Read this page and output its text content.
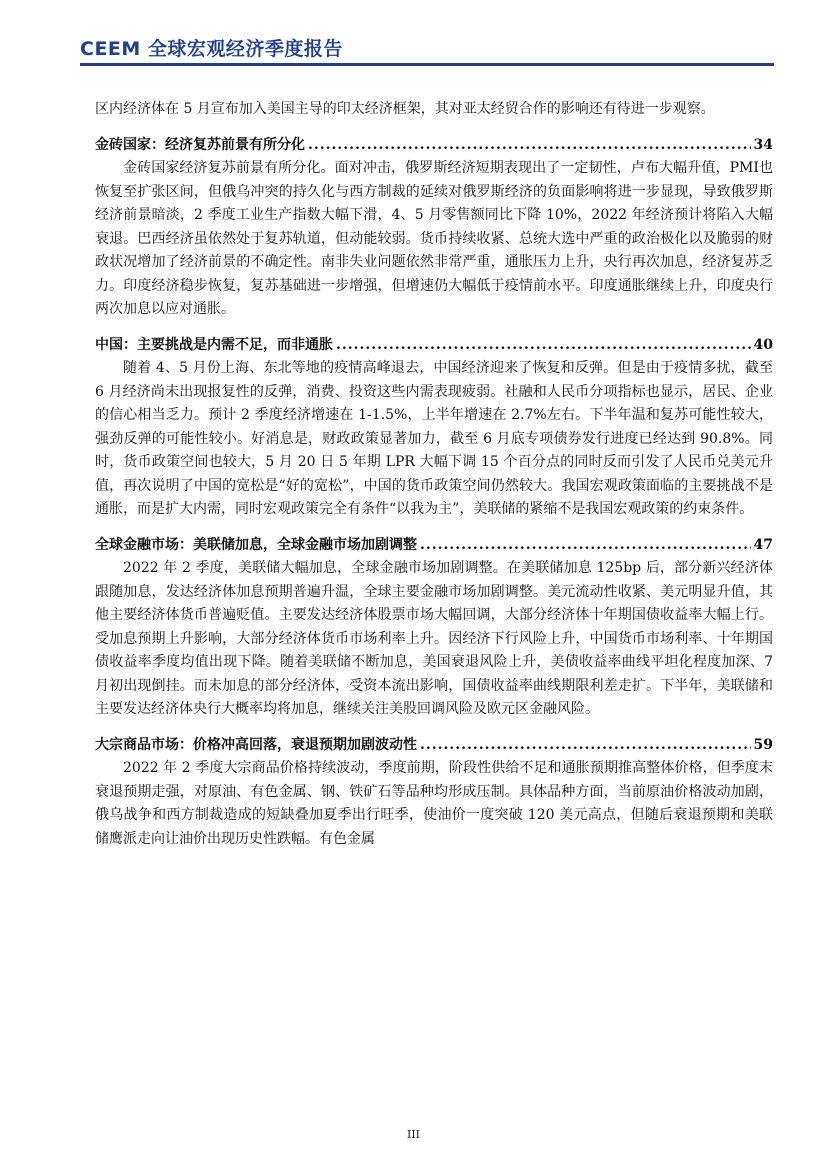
CEEM 全球宏观经济季度报告

区内经济体在 5 月宣布加入美国主导的印太经济框架，其对亚太经贸合作的影响还有待进一步观察。

金砖国家：经济复苏前景有所分化 .....	34

金砖国家经济复苏前景有所分化。面对冲击，俄罗斯经济短期表现出了一定韧性，卢布大幅升值，PMI也恢复至扩张区间，但俄乌冲突的持久化与西方制裁的延续对俄罗斯经济的负面影响将进一步显现，导致俄罗斯经济前景暗淡，2 季度工业生产指数大幅下滑，4、5 月零售额同比下降 10%，2022 年经济预计将陷入大幅衰退。巴西经济虽依然处于复苏轨道，但动能较弱。货币持续收紧、总统大选中严重的政治极化以及脆弱的财政状况增加了经济前景的不确定性。南非失业问题依然非常严重，通胀压力上升，央行再次加息，经济复苏乏力。印度经济稳步恢复，复苏基础进一步增强，但增速仍大幅低于疫情前水平。印度通胀继续上升，印度央行两次加息以应对通胀。

中国：主要挑战是内需不足，而非通胀 .....	40

随着 4、5 月份上海、东北等地的疫情高峰退去，中国经济迎来了恢复和反弹。但是由于疫情多扰，截至 6 月经济尚未出现报复性的反弹，消费、投资这些内需表现疲弱。社融和人民币分项指标也显示，居民、企业的信心相当乏力。预计 2 季度经济增速在 1-1.5%，上半年增速在 2.7%左右。下半年温和复苏可能性较大，强劲反弹的可能性较小。好消息是，财政政策显著加力，截至 6 月底专项债券发行进度已经达到 90.8%。同时，货币政策空间也较大，5 月 20 日 5 年期 LPR 大幅下调 15 个百分点的同时反而引发了人民币兑美元升值，再次说明了中国的宽松是“好的宽松”，中国的货币政策空间仍然较大。我国宏观政策面临的主要挑战不是通胀，而是扩大内需，同时宏观政策完全有条件“以我为主”，美联储的紧缩不是我国宏观政策的约束条件。

全球金融市场：美联储加息，全球金融市场加剧调整 .....	47

2022 年 2 季度，美联储大幅加息，全球金融市场加剧调整。在美联储加息 125bp 后，部分新兴经济体跟随加息，发达经济体加息预期普遍升温，全球主要金融市场加剧调整。美元流动性收紧、美元明显升值，其他主要经济体货币普遍贬值。主要发达经济体股票市场大幅回调，大部分经济体十年期国债收益率大幅上行。受加息预期上升影响，大部分经济体货币市场利率上升。因经济下行风险上升，中国货币市场利率、十年期国债收益率季度均值出现下降。随着美联储不断加息，美国衰退风险上升，美债收益率曲线平坦化程度加深、7 月初出现倒挂。而未加息的部分经济体，受资本流出影响，国债收益率曲线期限利差走扩。下半年，美联储和主要发达经济体央行大概率均将加息，继续关注美股回调风险及欧元区金融风险。

大宗商品市场：价格冲高回落，衰退预期加剧波动性 .....	59

2022 年 2 季度大宗商品价格持续波动，季度前期，阶段性供给不足和通胀预期推高整体价格，但季度末衰退预期走强，对原油、有色金属、钢、铁矿石等品种均形成压制。具体品种方面，当前原油价格波动加剧，俄乌战争和西方制裁造成的短缺叠加夏季出行旺季，使油价一度突破 120 美元高点，但随后衰退预期和美联储鹰派走向让油价出现历史性跌幅。有色金属

III
